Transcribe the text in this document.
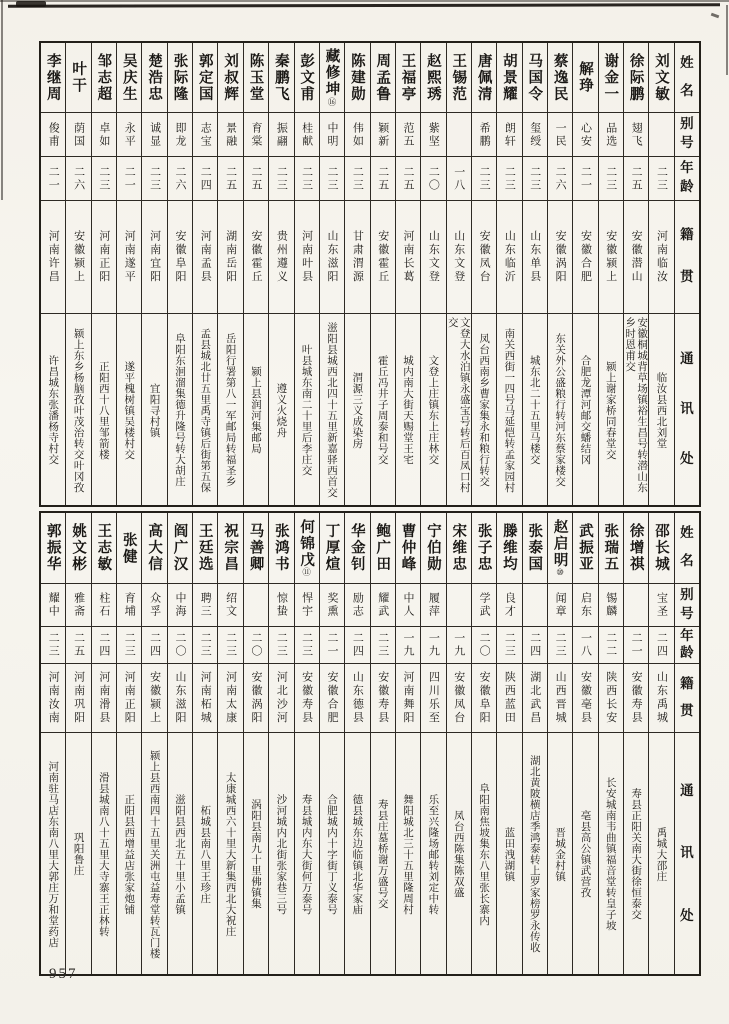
姓
名
别
号
年
龄
籍
贯
通
讯
处
刘文敏
二三
河南临汝
临汝县西北刘堂
徐际鹏
翅飞
二五
安徽潜山
安徽桐城背草场镇裕生昌号转潜山东乡时恩甫交
谢金一
品选
二三
安徽颍上
颍上谢家桥同春堂交
解琤
心安
二一
安徽合肥
合肥龙潭河邮交蟠结冈
蔡逸民
一民
二六
安徽涡阳
东关外公盛粮行转河东蔡家楼交
马国令
玺绶
二三
山东单县
城东北二十五里马楼交
胡景耀
朗轩
二三
山东临沂
南关西街一四号马延恺转孟家园村
唐佩清
希鹏
二三
安徽凤台
凤台西南乡曹家集永和粮行转交
王锡范
一八
山东文登
文登大水泊镇永盛宝号转后百凤口村交
赵熙琇
紫坚
二〇
山东文登
文登上庄镇东上庄林交
王福亭
范五
二五
河南长葛
城内南大街天赐堂王宅
周孟鲁
颖新
二五
安徽霍丘
霍丘冯井子周泰和号交
陈建勋
伟如
二三
甘肃渭源
渭源三义成染房
藏修坤
⑯
中明
二三
山东滋阳
滋阳县城西北四十五里新嘉驿西首交
彭文甫
桂献
二三
河南叶县
叶县城东南二十里后李庄交
秦鹏飞
振翮
二三
贵州遵义
遵义火烧舟
陈玉堂
育棠
二五
安徽霍丘
颍上县润河集邮局
刘叔辉
景融
二五
湖南岳阳
岳阳行署第八一军邮局转福圣乡
郭定国
志宝
二四
河南孟县
孟县城北廿五里禹寺镇后街第五保
张际隆
即龙
二六
安徽阜阳
阜阳东洄溜集德升隆号转大胡庄
楚浩忠
诚显
二三
河南宜阳
宜阳寻村镇
吴庆生
永平
二一
河南遂平
遂平槐树镇吴楼村交
邹志超
卓如
二三
河南正阳
正阳西十八里邹箭楼
叶干
荫国
二六
安徽颍上
颍上东乡杨脑孜叶茂治转交叶冈孜
李继周
俊甫
二一
河南许昌
许昌城东张潘杨寺村交
姓
名
别
号
年
龄
籍
贯
通
讯
处
邵长城
宝圣
二四
山东禹城
禹城大邵庄
徐增祺
二一
安徽寿县
寿县正阳关南大街徐恒泰交
张瑞五
锡麟
二二
陕西长安
长安城南韦曲镇福音堂转皇子坡
武振亚
启东
一八
安徽亳县
亳县高公镇武营孜
赵启明
⑩
闻章
二三
山西晋城
晋城金村镇
张泰国
二四
湖北武昌
湖北黄陂横店季鸿泰转上罗家榜罗永传收
滕维均
良才
二三
陕西蓝田
蓝田洩湖镇
张子忠
学武
二〇
安徽阜阳
阜阳南焦坡集东八里张长寨内
宋维忠
一九
安徽凤台
凤台西陈集陈双盛
宁伯勋
履萍
一九
四川乐至
乐至兴隆场邮转刘定中转
曹仲峰
中人
一九
河南舞阳
舞阳城北三十五里隆周村
鲍广田
耀武
二三
安徽寿县
寿县庄墓桥谢万盛号交
华金钊
励志
二四
山东德县
德县城东边临镇北华家庙
丁厚煊
奖熏
二一
安徽合肥
合肥城内十字街丁义泰号
何锦戊
⑪
悍宇
二三
安徽寿县
寿县城内东大街何万泰号
张鸿书
惊蛰
二三
河北沙河
沙河城内北街张家巷三号
马善卿
二〇
安徽涡阳
涡阳县南九十里佛镇集
祝宗昌
绍文
二三
河南太康
太康城西六十里大新集西北大祝庄
王廷选
聘三
二三
河南柘城
柘城县南八里王珍庄
阎广汉
中海
二〇
山东滋阳
滋阳县西北五十里小孟镇
高大信
众孚
二四
安徽颍上
颍上县西南四十五里关洲屯益寿堂转瓦门楼
张健
育埔
二三
河南正阳
正阳县西增益店张家炮铺
王志敏
柱石
二四
河南滑县
滑县城南八十五里大寺寨王正林转
姚文彬
雅斋
二五
河南巩阳
巩阳鲁庄
郭振华
耀中
二三
河南汝南
河南驻马店东南八里大郭庄万和堂药店
957
